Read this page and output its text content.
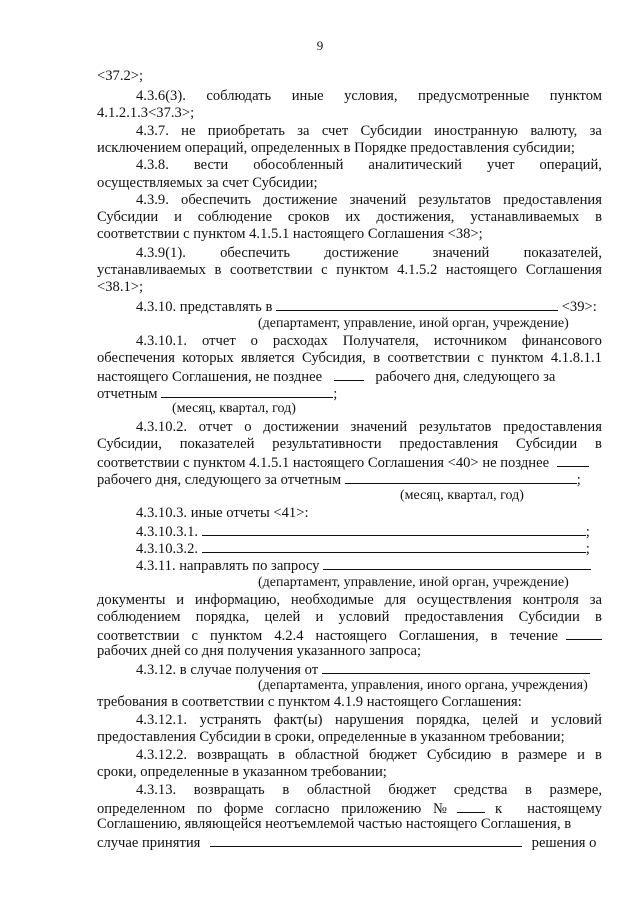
9
<37.2>;
4.3.6(3). соблюдать иные условия, предусмотренные пунктом
4.1.2.1.3<37.3>;
4.3.7. не приобретать за счет Субсидии иностранную валюту, за
исключением операций, определенных в Порядке предоставления субсидии;
4.3.8. вести обособленный аналитический учет операций,
осуществляемых за счет Субсидии;
4.3.9. обеспечить достижение значений результатов предоставления
Субсидии и соблюдение сроков их достижения, устанавливаемых в
соответствии с пунктом 4.1.5.1 настоящего Соглашения <38>;
4.3.9(1). обеспечить достижение значений показателей,
устанавливаемых в соответствии с пунктом 4.1.5.2 настоящего Соглашения
<38.1>;
4.3.10. представлять в	<39>:
(департамент, управление, иной орган, учреждение)
4.3.10.1. отчет о расходах Получателя, источником финансового
обеспечения которых является Субсидия, в соответствии с пунктом 4.1.8.1.1
настоящего Соглашения, не позднее	рабочего дня, следующего за
отчетным	;
(месяц, квартал, год)
4.3.10.2. отчет о достижении значений результатов предоставления
Субсидии, показателей результативности предоставления Субсидии в
соответствии с пунктом 4.1.5.1 настоящего Соглашения <40> не позднее
рабочего дня, следующего за отчетным	;
(месяц, квартал, год)
4.3.10.3. иные отчеты <41>:
4.3.10.3.1.	;
4.3.10.3.2.	;
4.3.11. направлять по запросу
(департамент, управление, иной орган, учреждение)
документы и информацию, необходимые для осуществления контроля за
соблюдением порядка, целей и условий предоставления Субсидии в
соответствии с пунктом 4.2.4 настоящего Соглашения, в течение
рабочих дней со дня получения указанного запроса;
4.3.12. в случае получения от
(департамента, управления, иного органа, учреждения)
требования в соответствии с пунктом 4.1.9 настоящего Соглашения:
4.3.12.1. устранять факт(ы) нарушения порядка, целей и условий
предоставления Субсидии в сроки, определенные в указанном требовании;
4.3.12.2. возвращать в областной бюджет Субсидию в размере и в
сроки, определенные в указанном требовании;
4.3.13. возвращать в областной бюджет средства в размере,
определенном по форме согласно приложению №	к настоящему
Соглашению, являющейся неотъемлемой частью настоящего Соглашения, в
случае принятия	решения о
